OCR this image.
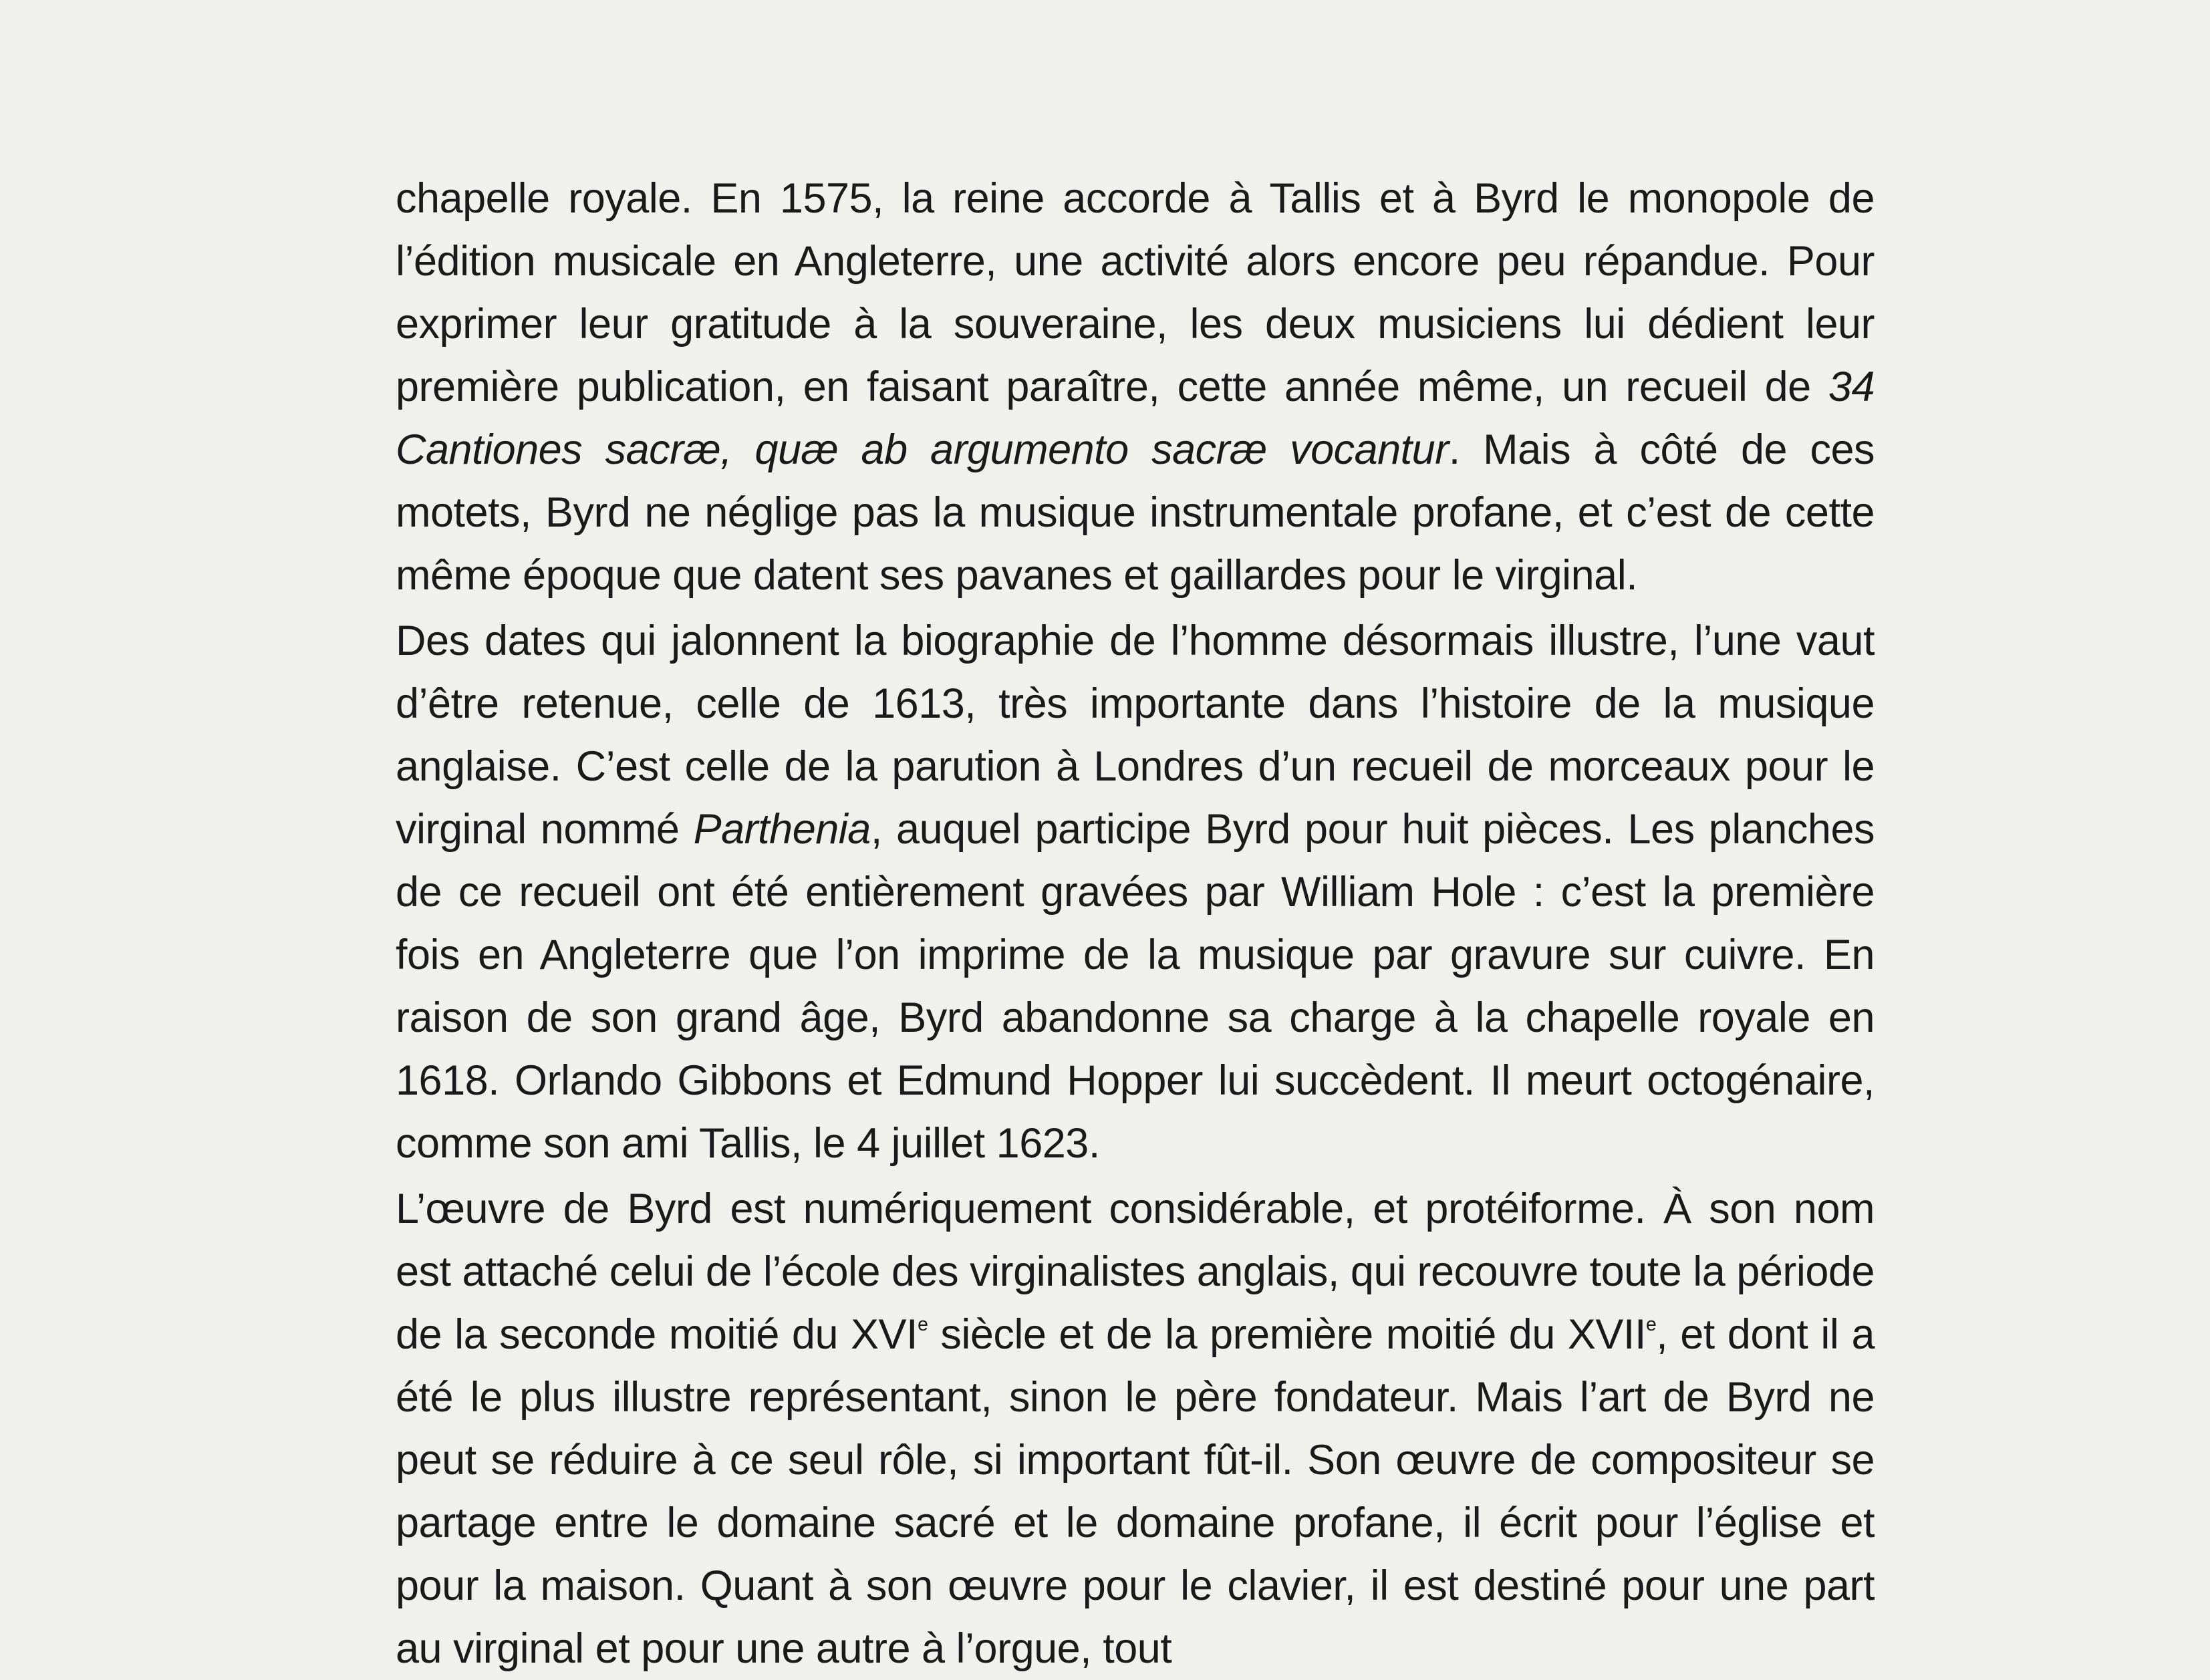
chapelle royale. En 1575, la reine accorde à Tallis et à Byrd le monopole de l’édition musicale en Angleterre, une activité alors encore peu répandue. Pour exprimer leur gratitude à la souveraine, les deux musiciens lui dédient leur première publication, en faisant paraître, cette année même, un recueil de 34 Cantiones sacræ, quæ ab argumento sacræ vocantur. Mais à côté de ces motets, Byrd ne néglige pas la musique instrumentale profane, et c’est de cette même époque que datent ses pavanes et gaillardes pour le virginal.

Des dates qui jalonnent la biographie de l’homme désormais illustre, l’une vaut d’être retenue, celle de 1613, très importante dans l’histoire de la musique anglaise. C’est celle de la parution à Londres d’un recueil de morceaux pour le virginal nommé Parthenia, auquel participe Byrd pour huit pièces. Les planches de ce recueil ont été entièrement gravées par William Hole : c’est la première fois en Angleterre que l’on imprime de la musique par gravure sur cuivre. En raison de son grand âge, Byrd abandonne sa charge à la chapelle royale en 1618. Orlando Gibbons et Edmund Hopper lui succèdent. Il meurt octogénaire, comme son ami Tallis, le 4 juillet 1623.

L’œuvre de Byrd est numériquement considérable, et protéiforme. À son nom est attaché celui de l’école des virginalistes anglais, qui recouvre toute la période de la seconde moitié du XVIe siècle et de la première moitié du XVIIe, et dont il a été le plus illustre représentant, sinon le père fondateur. Mais l’art de Byrd ne peut se réduire à ce seul rôle, si important fût-il. Son œuvre de compositeur se partage entre le domaine sacré et le domaine profane, il écrit pour l’église et pour la maison. Quant à son œuvre pour le clavier, il est destiné pour une part au virginal et pour une autre à l’orgue, tout
